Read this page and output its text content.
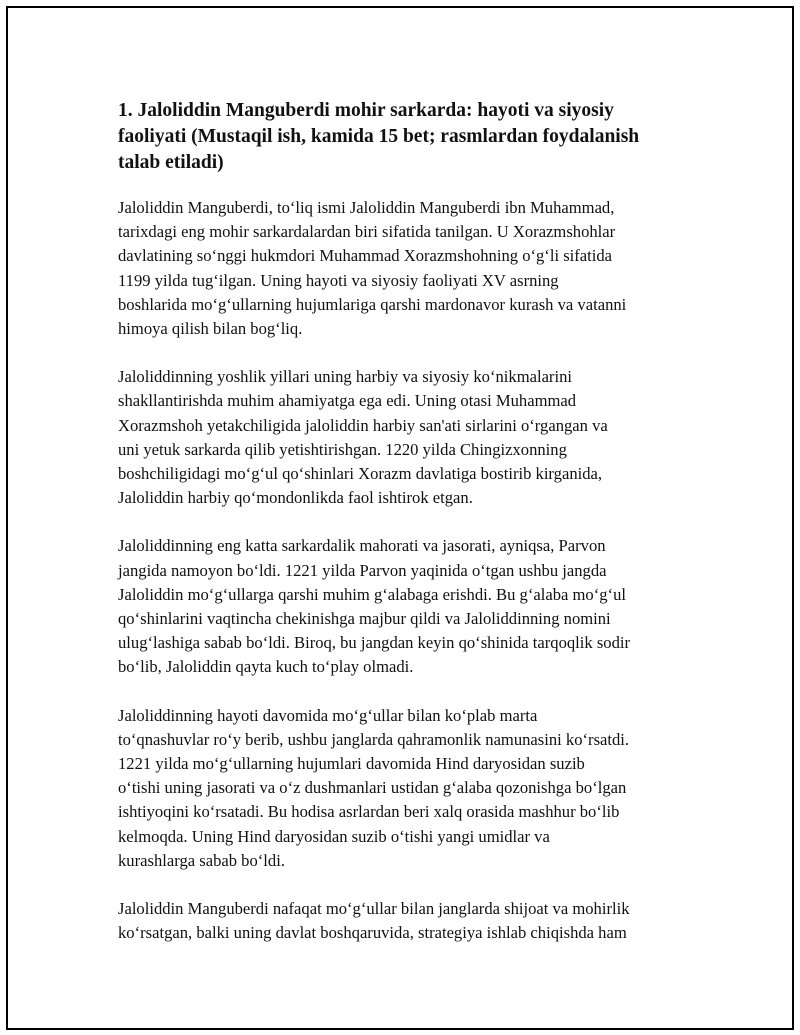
1. Jaloliddin Manguberdi mohir sarkarda: hayoti va siyosiy
faoliyati (Mustaqil ish, kamida 15 bet; rasmlardan foydalanish
talab etiladi)

Jaloliddin Manguberdi, to‘liq ismi Jaloliddin Manguberdi ibn Muhammad,
tarixdagi eng mohir sarkardalardan biri sifatida tanilgan. U Xorazmshohlar
davlatining so‘nggi hukmdori Muhammad Xorazmshohning o‘g‘li sifatida
1199 yilda tug‘ilgan. Uning hayoti va siyosiy faoliyati XV asrning
boshlarida mo‘g‘ullarning hujumlariga qarshi mardonavor kurash va vatanni
himoya qilish bilan bog‘liq.

Jaloliddinning yoshlik yillari uning harbiy va siyosiy ko‘nikmalarini
shakllantirishda muhim ahamiyatga ega edi. Uning otasi Muhammad
Xorazmshoh yetakchiligida jaloliddin harbiy san'ati sirlarini o‘rgangan va
uni yetuk sarkarda qilib yetishtirishgan. 1220 yilda Chingizxonning
boshchiligidagi mo‘g‘ul qo‘shinlari Xorazm davlatiga bostirib kirganida,
Jaloliddin harbiy qo‘mondonlikda faol ishtirok etgan.

Jaloliddinning eng katta sarkardalik mahorati va jasorati, ayniqsa, Parvon
jangida namoyon bo‘ldi. 1221 yilda Parvon yaqinida o‘tgan ushbu jangda
Jaloliddin mo‘g‘ullarga qarshi muhim g‘alabaga erishdi. Bu g‘alaba mo‘g‘ul
qo‘shinlarini vaqtincha chekinishga majbur qildi va Jaloliddinning nomini
ulug‘lashiga sabab bo‘ldi. Biroq, bu jangdan keyin qo‘shinida tarqoqlik sodir
bo‘lib, Jaloliddin qayta kuch to‘play olmadi.

Jaloliddinning hayoti davomida mo‘g‘ullar bilan ko‘plab marta
to‘qnashuvlar ro‘y berib, ushbu janglarda qahramonlik namunasini ko‘rsatdi.
1221 yilda mo‘g‘ullarning hujumlari davomida Hind daryosidan suzib
o‘tishi uning jasorati va o‘z dushmanlari ustidan g‘alaba qozonishga bo‘lgan
ishtiyoqini ko‘rsatadi. Bu hodisa asrlardan beri xalq orasida mashhur bo‘lib
kelmoqda. Uning Hind daryosidan suzib o‘tishi yangi umidlar va
kurashlarga sabab bo‘ldi.

Jaloliddin Manguberdi nafaqat mo‘g‘ullar bilan janglarda shijoat va mohirlik
ko‘rsatgan, balki uning davlat boshqaruvida, strategiya ishlab chiqishda ham
